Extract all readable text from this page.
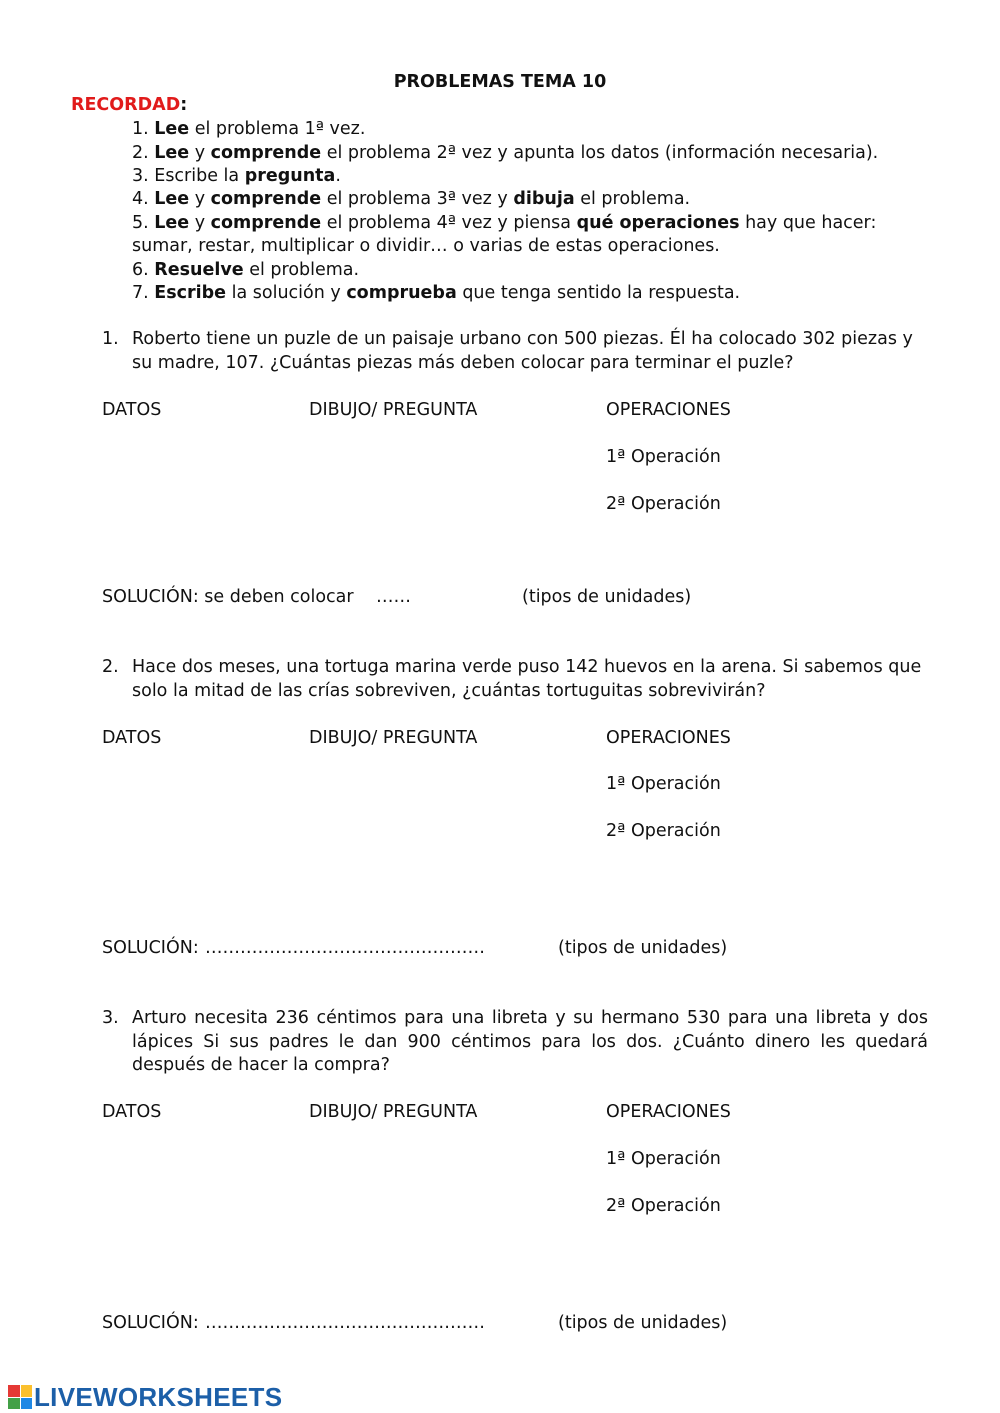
PROBLEMAS TEMA 10
RECORDAD:
1. Lee el problema 1ª vez.
2. Lee y comprende el problema 2ª vez y apunta los datos (información necesaria).
3. Escribe la pregunta.
4. Lee y comprende el problema 3ª vez y dibuja el problema.
5. Lee y comprende el problema 4ª vez y piensa qué operaciones hay que hacer:
sumar, restar, multiplicar o dividir… o varias de estas operaciones.
6. Resuelve el problema.
7. Escribe la solución y comprueba que tenga sentido la respuesta.
1. Roberto tiene un puzle de un paisaje urbano con 500 piezas. Él ha colocado 302 piezas y su madre, 107. ¿Cuántas piezas más deben colocar para terminar el puzle?
DATOS	DIBUJO/ PREGUNTA	OPERACIONES
1ª Operación
2ª Operación
SOLUCIÓN: se deben colocar ……	(tipos de unidades)
2. Hace dos meses, una tortuga marina verde puso 142 huevos en la arena. Si sabemos que solo la mitad de las crías sobreviven, ¿cuántas tortuguitas sobrevivirán?
DATOS	DIBUJO/ PREGUNTA	OPERACIONES
1ª Operación
2ª Operación
SOLUCIÓN: …………………………………………	(tipos de unidades)
3. Arturo necesita 236 céntimos para una libreta y su hermano 530 para una libreta y dos lápices Si sus padres le dan 900 céntimos para los dos. ¿Cuánto dinero les quedará después de hacer la compra?
DATOS	DIBUJO/ PREGUNTA	OPERACIONES
1ª Operación
2ª Operación
SOLUCIÓN: …………………………………………	(tipos de unidades)
LIVEWORKSHEETS
